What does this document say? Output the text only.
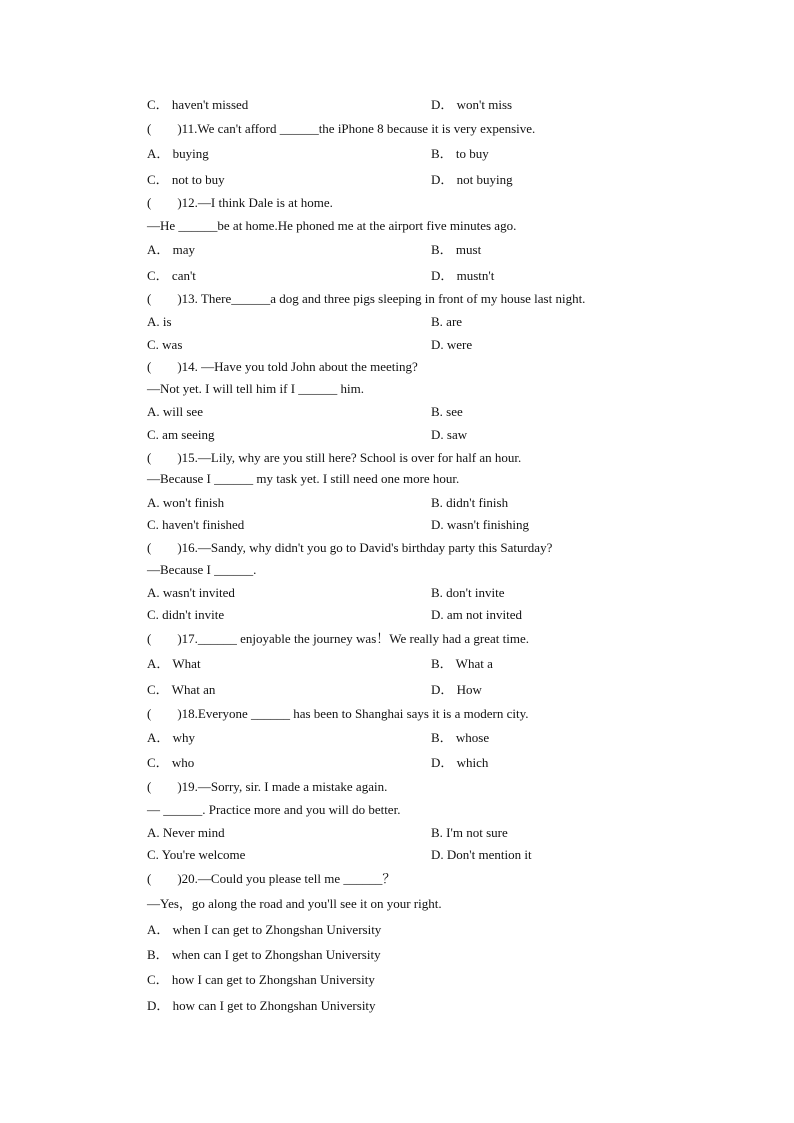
C． haven't missed	D． won't miss
(　　)11.We can't afford ______the iPhone 8 because it is very expensive.
A． buying	B． to buy
C． not to buy	D． not buying
(　　)12.—I think Dale is at home.
—He ______be at home.He phoned me at the airport five minutes ago.
A． may	B． must
C． can't	D． mustn't
(　　)13. There______a dog and three pigs sleeping in front of my house last night.
A. is	B. are
C. was	D. were
(　　)14. —Have you told John about the meeting?
—Not yet. I will tell him if I ______ him.
A. will see	B. see
C. am seeing	D. saw
(　　)15.—Lily, why are you still here? School is over for half an hour.
—Because I ______ my task yet. I still need one more hour.
A. won't finish	B. didn't finish
C. haven't finished	D. wasn't finishing
(　　)16.—Sandy, why didn't you go to David's birthday party this Saturday?
—Because I ______.
A. wasn't invited	B. don't invite
C. didn't invite	D. am not invited
(　　)17.______ enjoyable the journey was！We really had a great time.
A． What	B． What a
C． What an	D． How
(　　)18.Everyone ______ has been to Shanghai says it is a modern city.
A． why	B． whose
C． who	D． which
(　　)19.—Sorry, sir. I made a mistake again.
— ______. Practice more and you will do better.
A. Never mind	B. I'm not sure
C. You're welcome	D. Don't mention it
(　　)20.—Could you please tell me ______？
—Yes，go along the road and you'll see it on your right.
A． when I can get to Zhongshan University
B． when can I get to Zhongshan University
C． how I can get to Zhongshan University
D． how can I get to Zhongshan University
